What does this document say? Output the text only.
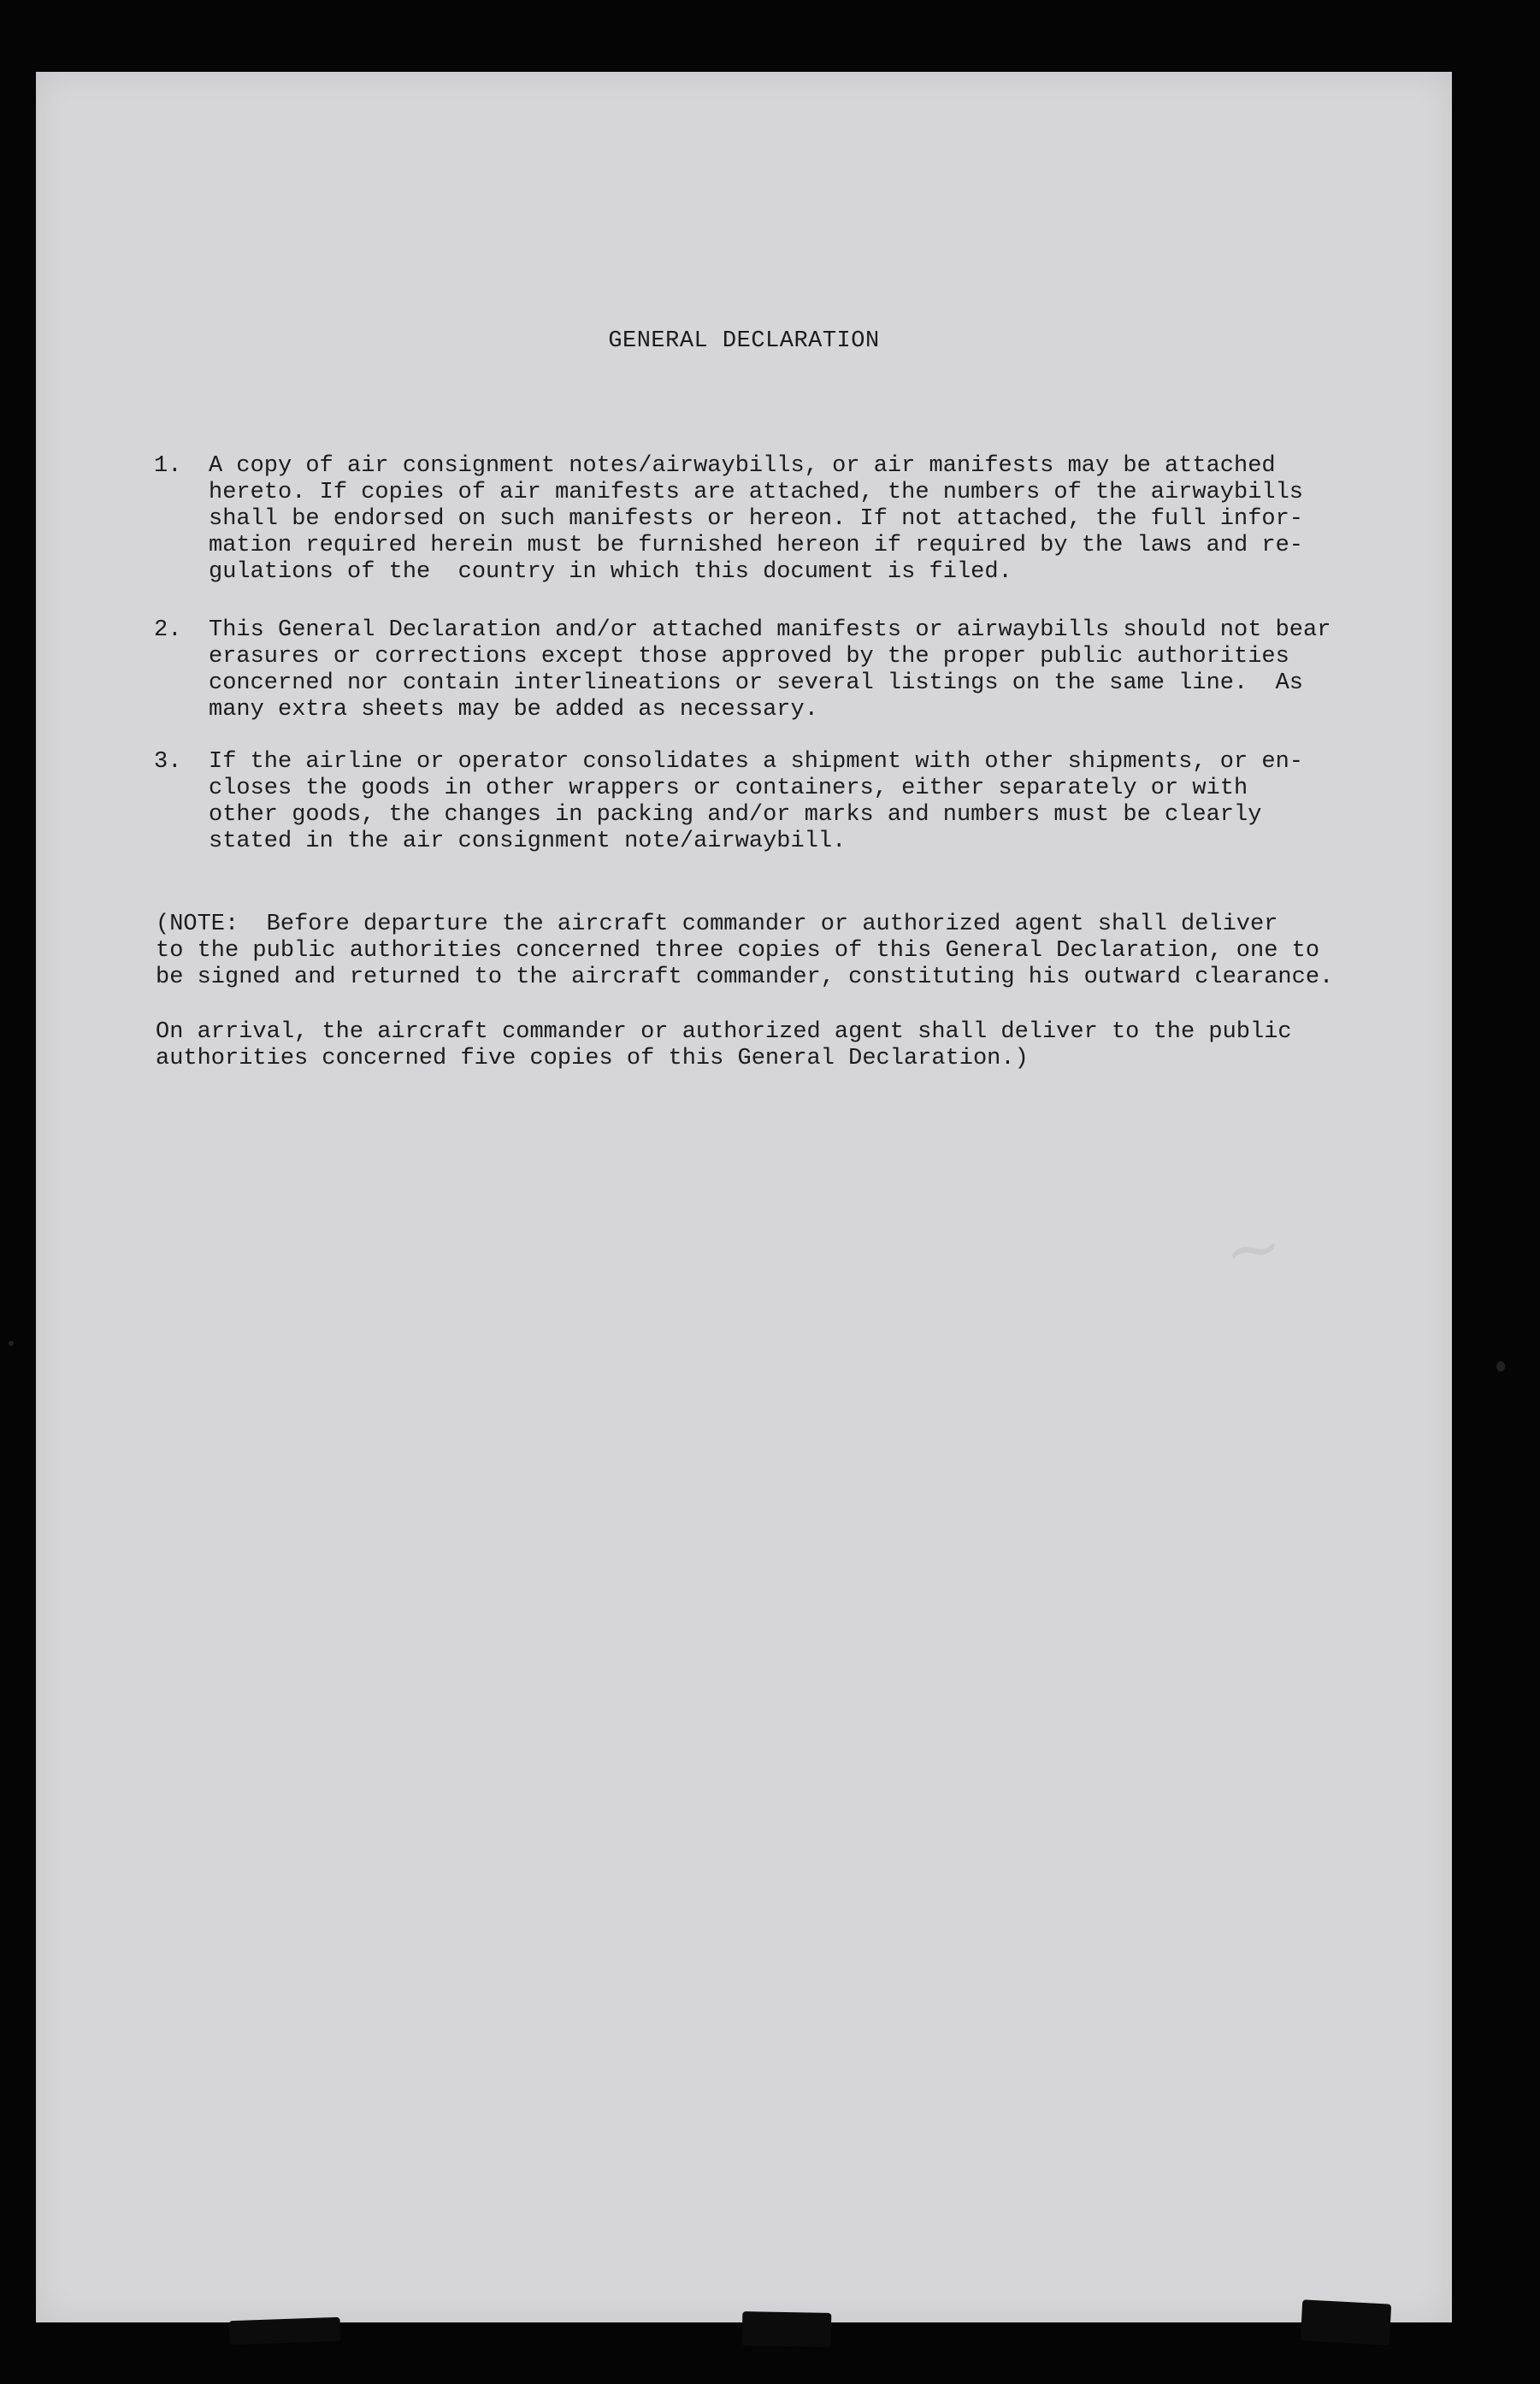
GENERAL DECLARATION
1. A copy of air consignment notes/airwaybills, or air manifests may be attached
hereto. If copies of air manifests are attached, the numbers of the airwaybills
shall be endorsed on such manifests or hereon. If not attached, the full infor-
mation required herein must be furnished hereon if required by the laws and re-
gulations of the  country in which this document is filed.
2. This General Declaration and/or attached manifests or airwaybills should not bear
erasures or corrections except those approved by the proper public authorities
concerned nor contain interlineations or several listings on the same line.  As
many extra sheets may be added as necessary.
3. If the airline or operator consolidates a shipment with other shipments, or en-
closes the goods in other wrappers or containers, either separately or with
other goods, the changes in packing and/or marks and numbers must be clearly
stated in the air consignment note/airwaybill.
(NOTE:  Before departure the aircraft commander or authorized agent shall deliver
to the public authorities concerned three copies of this General Declaration, one to
be signed and returned to the aircraft commander, constituting his outward clearance.
On arrival, the aircraft commander or authorized agent shall deliver to the public
authorities concerned five copies of this General Declaration.)
~
